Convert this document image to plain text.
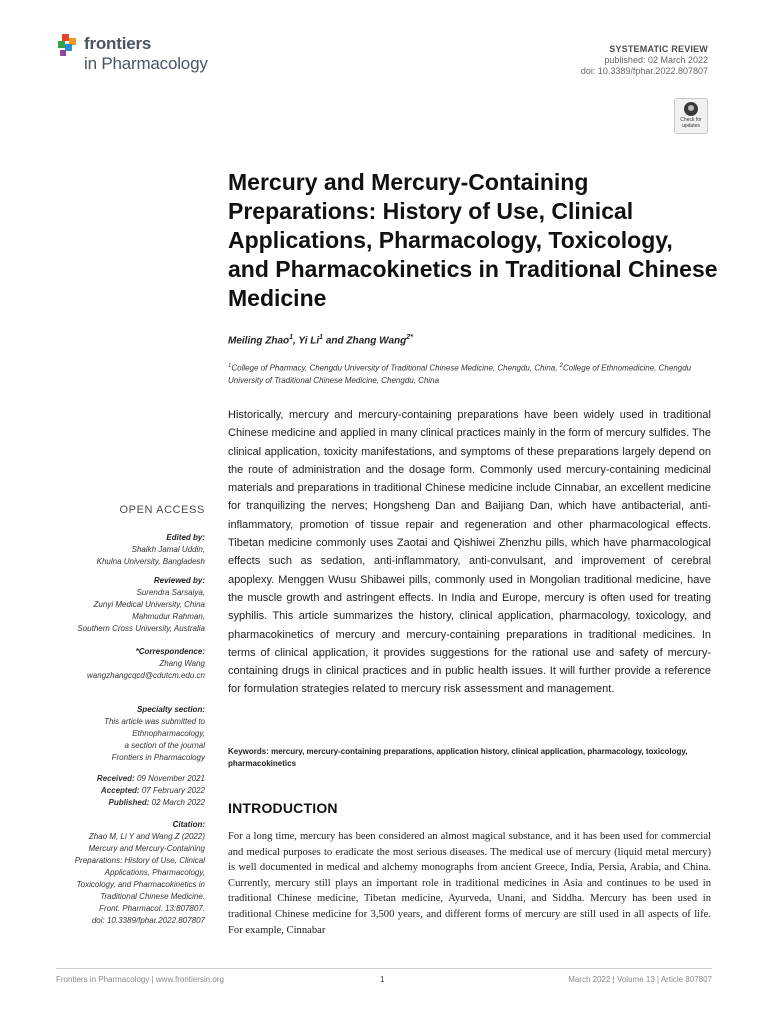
frontiers
in Pharmacology
SYSTEMATIC REVIEW
published: 02 March 2022
doi: 10.3389/fphar.2022.807807
Check for
updates
Mercury and Mercury-Containing Preparations: History of Use, Clinical Applications, Pharmacology, Toxicology, and Pharmacokinetics in Traditional Chinese Medicine
Meiling Zhao$^1$, Yi Li$^1$ and Zhang Wang$^{2*}$
$^1$College of Pharmacy, Chengdu University of Traditional Chinese Medicine, Chengdu, China, $^2$College of Ethnomedicine, Chengdu University of Traditional Chinese Medicine, Chengdu, China
Historically, mercury and mercury-containing preparations have been widely used in traditional Chinese medicine and applied in many clinical practices mainly in the form of mercury sulfides. The clinical application, toxicity manifestations, and symptoms of these preparations largely depend on the route of administration and the dosage form. Commonly used mercury-containing medicinal materials and preparations in traditional Chinese medicine include Cinnabar, an excellent medicine for tranquilizing the nerves; Hongsheng Dan and Baijiang Dan, which have antibacterial, anti-inflammatory, promotion of tissue repair and regeneration and other pharmacological effects. Tibetan medicine commonly uses Zaotai and Qishiwei Zhenzhu pills, which have pharmacological effects such as sedation, anti-inflammatory, anti-convulsant, and improvement of cerebral apoplexy. Menggen Wusu Shibawei pills, commonly used in Mongolian traditional medicine, have the muscle growth and astringent effects. In India and Europe, mercury is often used for treating syphilis. This article summarizes the history, clinical application, pharmacology, toxicology, and pharmacokinetics of mercury and mercury-containing preparations in traditional medicines. In terms of clinical application, it provides suggestions for the rational use and safety of mercury-containing drugs in clinical practices and in public health issues. It will further provide a reference for formulation strategies related to mercury risk assessment and management.
Keywords: mercury, mercury-containing preparations, application history, clinical application, pharmacology, toxicology, pharmacokinetics
INTRODUCTION
For a long time, mercury has been considered an almost magical substance, and it has been used for commercial and medical purposes to eradicate the most serious diseases. The medical use of mercury (liquid metal mercury) is well documented in medical and alchemy monographs from ancient Greece, India, Persia, Arabia, and China. Currently, mercury still plays an important role in traditional medicines in Asia and continues to be used in traditional Chinese medicine, Tibetan medicine, Ayurveda, Unani, and Siddha. Mercury has been used in traditional Chinese medicine for 3,500 years, and different forms of mercury are still used in all aspects of life. For example, Cinnabar
OPEN ACCESS
Edited by:
Shaikh Jamal Uddin,
Khulna University, Bangladesh
Reviewed by:
Surendra Sarsaiya,
Zunyi Medical University, China
Mahmudur Rahman,
Southern Cross University, Australia
*Correspondence:
Zhang Wang
wangzhangcqcd@cdutcm.edu.cn
Specialty section:
This article was submitted to
Ethnopharmacology,
a section of the journal
Frontiers in Pharmacology
Received: 09 November 2021
Accepted: 07 February 2022
Published: 02 March 2022
Citation:
Zhao M, Li Y and Wang Z (2022)
Mercury and Mercury-Containing
Preparations: History of Use, Clinical
Applications, Pharmacology,
Toxicology, and Pharmacokinetics in
Traditional Chinese Medicine.
Front. Pharmacol. 13:807807.
doi: 10.3389/fphar.2022.807807
Frontiers in Pharmacology | www.frontiersin.org	1	March 2022 | Volume 13 | Article 807807
